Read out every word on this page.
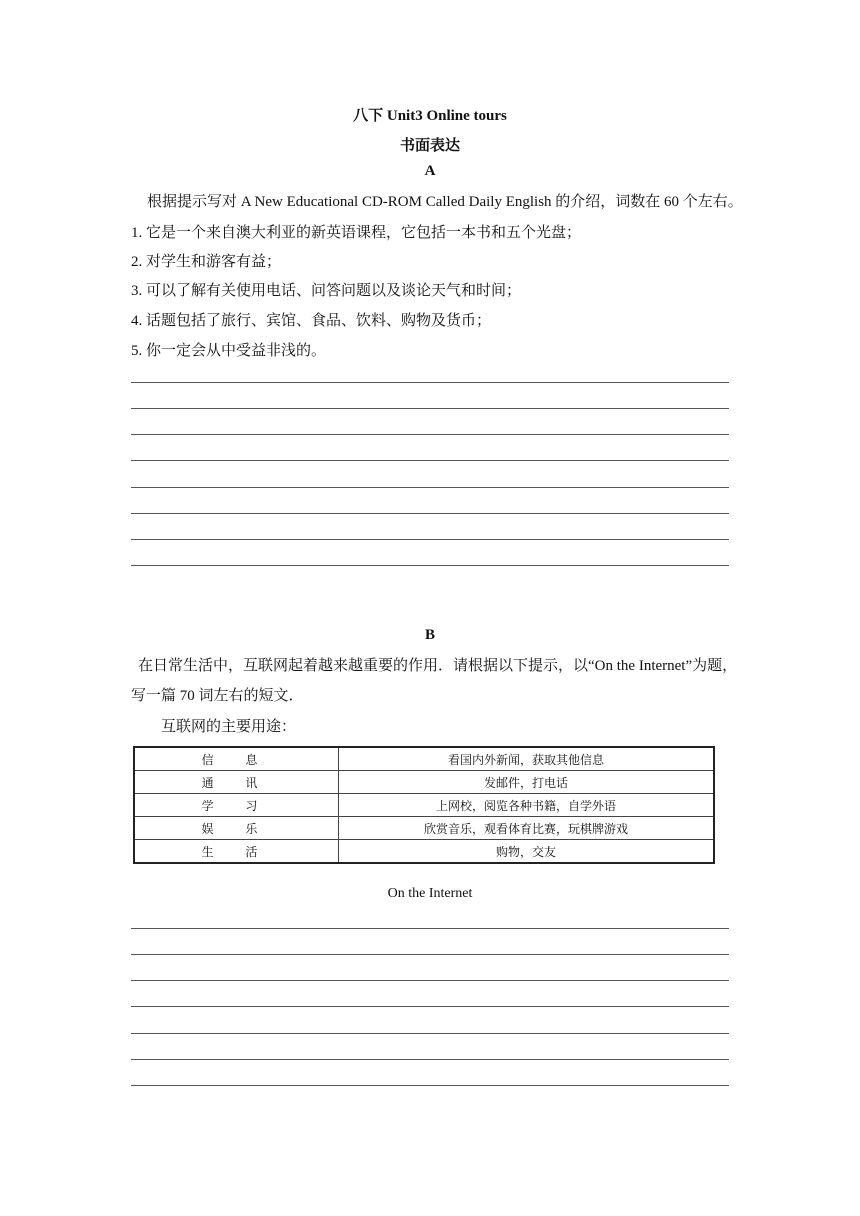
八下 Unit3 Online tours
书面表达
A
根据提示写对 A New Educational CD-ROM Called Daily English 的介绍，词数在 60 个左右。
1. 它是一个来自澳大利亚的新英语课程，它包括一本书和五个光盘；
2. 对学生和游客有益；
3. 可以了解有关使用电话、问答问题以及谈论天气和时间；
4. 话题包括了旅行、宾馆、食品、饮料、购物及货币；
5. 你一定会从中受益非浅的。
B
在日常生活中，互联网起着越来越重要的作用．请根据以下提示，以“On the Internet”为题，
写一篇 70 词左右的短文．
互联网的主要用途：
信 息	看国内外新闻，获取其他信息
通 讯	发邮件，打电话
学 习	上网校，阅览各种书籍，自学外语
娱 乐	欣赏音乐，观看体育比赛，玩棋牌游戏
生 活	购物，交友
On the Internet
